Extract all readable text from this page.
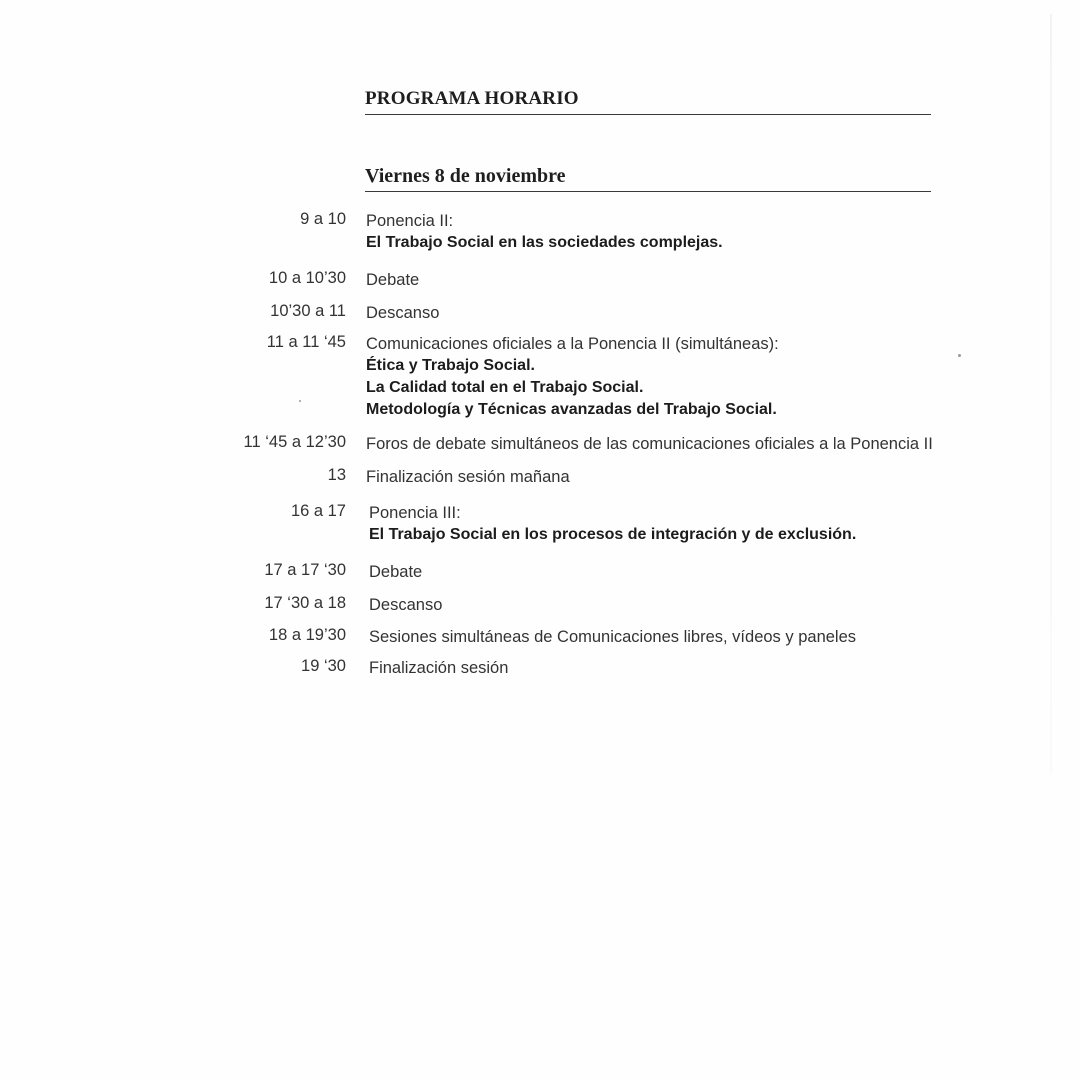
PROGRAMA HORARIO
Viernes 8 de noviembre
9 a 10 Ponencia II:
El Trabajo Social en las sociedades complejas.
10 a 10’30 Debate
10’30 a 11 Descanso
11 a 11 ‘45 Comunicaciones oficiales a la Ponencia II (simultáneas):
Ética y Trabajo Social.
La Calidad total en el Trabajo Social.
Metodología y Técnicas avanzadas del Trabajo Social.
11 ‘45 a 12’30 Foros de debate simultáneos de las comunicaciones oficiales a la Ponencia II
13 Finalización sesión mañana
16 a 17 Ponencia III:
El Trabajo Social en los procesos de integración y de exclusión.
17 a 17 ‘30 Debate
17 ‘30 a 18 Descanso
18 a 19’30 Sesiones simultáneas de Comunicaciones libres, vídeos y paneles
19 ‘30 Finalización sesión
